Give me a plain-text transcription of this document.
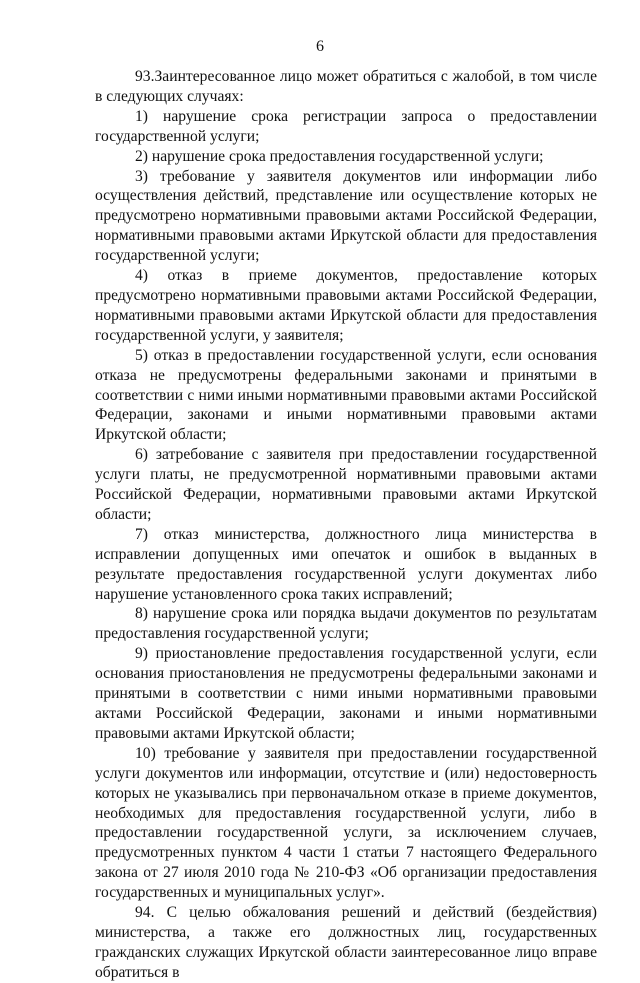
6

93.Заинтересованное лицо может обратиться с жалобой, в том числе в следующих случаях:

1) нарушение срока регистрации запроса о предоставлении государственной услуги;

2) нарушение срока предоставления государственной услуги;

3) требование у заявителя документов или информации либо осуществления действий, представление или осуществление которых не предусмотрено нормативными правовыми актами Российской Федерации, нормативными правовыми актами Иркутской области для предоставления государственной услуги;

4) отказ в приеме документов, предоставление которых предусмотрено нормативными правовыми актами Российской Федерации, нормативными правовыми актами Иркутской области для предоставления государственной услуги, у заявителя;

5) отказ в предоставлении государственной услуги, если основания отказа не предусмотрены федеральными законами и принятыми в соответствии с ними иными нормативными правовыми актами Российской Федерации, законами и иными нормативными правовыми актами Иркутской области;

6) затребование с заявителя при предоставлении государственной услуги платы, не предусмотренной нормативными правовыми актами Российской Федерации, нормативными правовыми актами Иркутской области;

7) отказ министерства, должностного лица министерства в исправлении допущенных ими опечаток и ошибок в выданных в результате предоставления государственной услуги документах либо нарушение установленного срока таких исправлений;

8) нарушение срока или порядка выдачи документов по результатам предоставления государственной услуги;

9) приостановление предоставления государственной услуги, если основания приостановления не предусмотрены федеральными законами и принятыми в соответствии с ними иными нормативными правовыми актами Российской Федерации, законами и иными нормативными правовыми актами Иркутской области;

10) требование у заявителя при предоставлении государственной услуги документов или информации, отсутствие и (или) недостоверность которых не указывались при первоначальном отказе в приеме документов, необходимых для предоставления государственной услуги, либо в предоставлении государственной услуги, за исключением случаев, предусмотренных пунктом 4 части 1 статьи 7 настоящего Федерального закона от 27 июля 2010 года № 210-ФЗ «Об организации предоставления государственных и муниципальных услуг».

94. С целью обжалования решений и действий (бездействия) министерства, а также его должностных лиц, государственных гражданских служащих Иркутской области заинтересованное лицо вправе обратиться в
